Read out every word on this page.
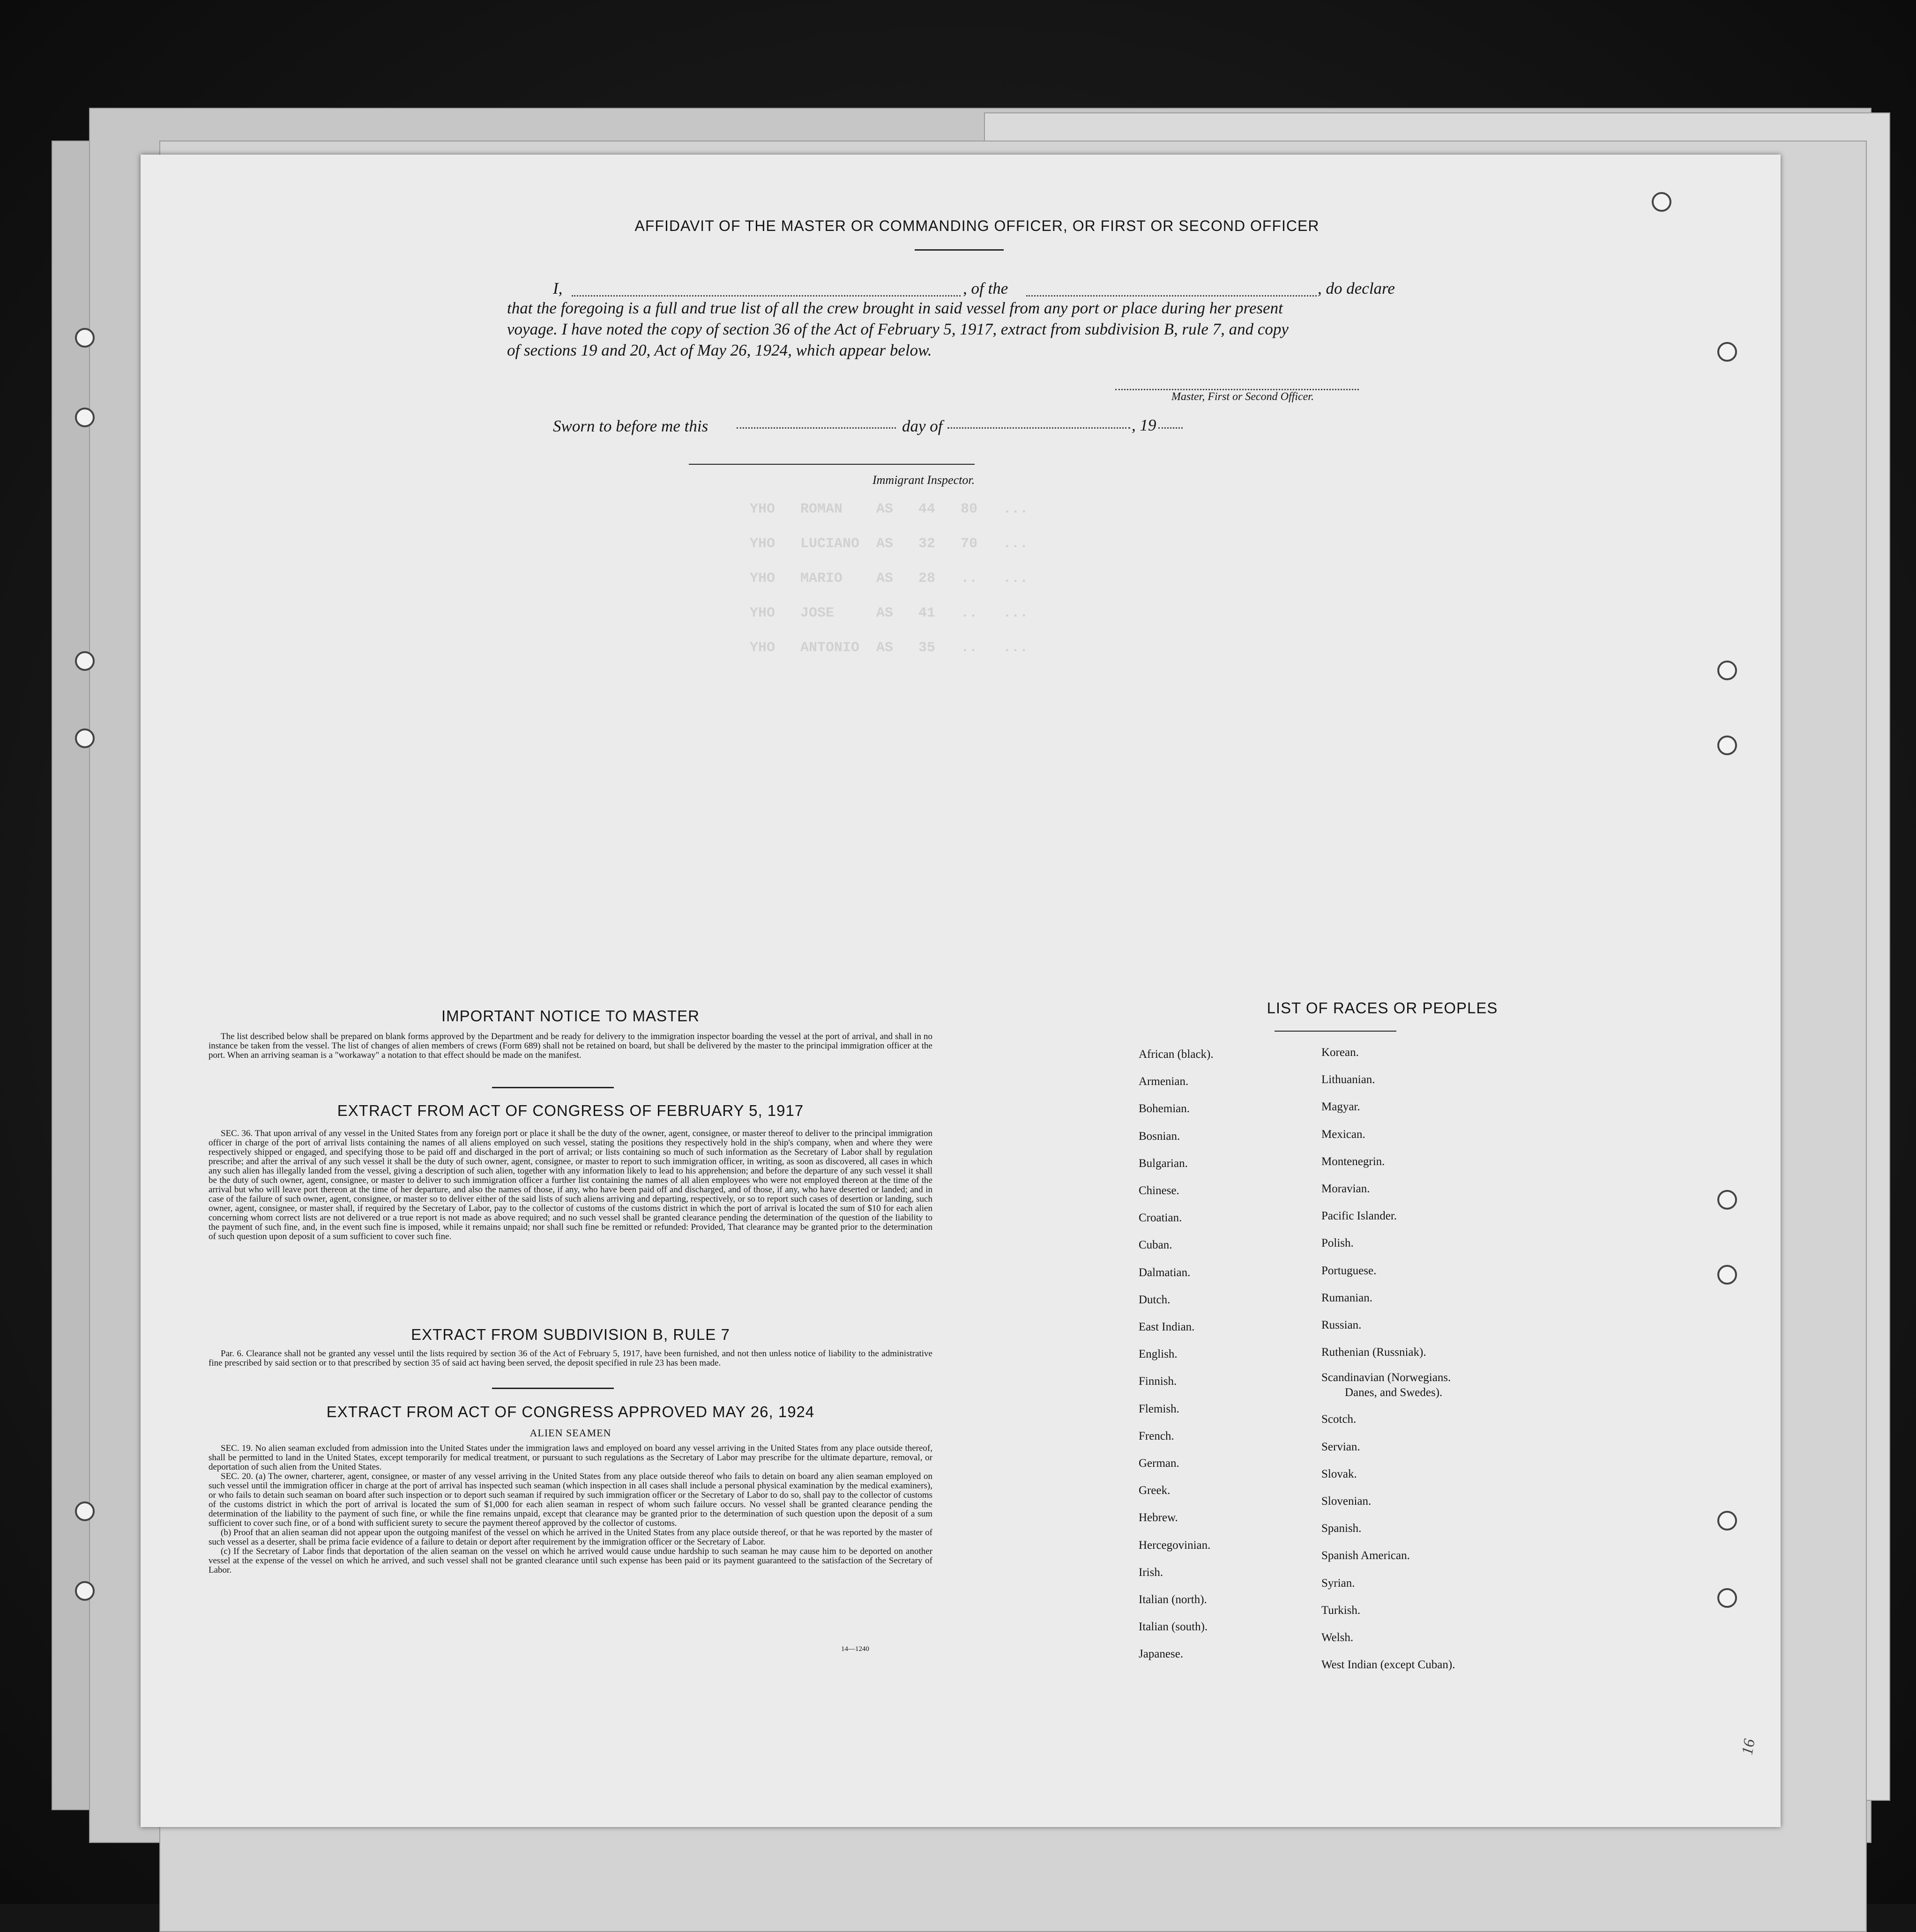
YHO   ROMAN    AS   44   80   ...
YHO   LUCIANO  AS   32   70   ...
YHO   MARIO    AS   28   ..   ...
YHO   JOSE     AS   41   ..   ...
YHO   ANTONIO  AS   35   ..   ...
16
AFFIDAVIT OF THE MASTER OR COMMANDING OFFICER, OR FIRST OR SECOND OFFICER
I,	, of the	, do declare
that the foregoing is a full and true list of all the crew brought in said vessel from any port or place during her present
voyage. I have noted the copy of section 36 of the Act of February 5, 1917, extract from subdivision B, rule 7, and copy
of sections 19 and 20, Act of May 26, 1924, which appear below.
Master, First or Second Officer.
Sworn to before me this	day of	, 19
Immigrant Inspector.
IMPORTANT NOTICE TO MASTER

The list described below shall be prepared on blank forms approved by the Department and be ready for delivery to the immigration inspector boarding the vessel at the port of arrival, and shall in no instance be taken from the vessel. The list of changes of alien members of crews (Form 689) shall not be retained on board, but shall be delivered by the master to the principal immigration officer at the port. When an arriving seaman is a "workaway" a notation to that effect should be made on the manifest.

EXTRACT FROM ACT OF CONGRESS OF FEBRUARY 5, 1917

SEC. 36. That upon arrival of any vessel in the United States from any foreign port or place it shall be the duty of the owner, agent, consignee, or master thereof to deliver to the principal immigration officer in charge of the port of arrival lists containing the names of all aliens employed on such vessel, stating the positions they respectively hold in the ship's company, when and where they were respectively shipped or engaged, and specifying those to be paid off and discharged in the port of arrival; or lists containing so much of such information as the Secretary of Labor shall by regulation prescribe; and after the arrival of any such vessel it shall be the duty of such owner, agent, consignee, or master to report to such immigration officer, in writing, as soon as discovered, all cases in which any such alien has illegally landed from the vessel, giving a description of such alien, together with any information likely to lead to his apprehension; and before the departure of any such vessel it shall be the duty of such owner, agent, consignee, or master to deliver to such immigration officer a further list containing the names of all alien employees who were not employed thereon at the time of the arrival but who will leave port thereon at the time of her departure, and also the names of those, if any, who have been paid off and discharged, and of those, if any, who have deserted or landed; and in case of the failure of such owner, agent, consignee, or master so to deliver either of the said lists of such aliens arriving and departing, respectively, or so to report such cases of desertion or landing, such owner, agent, consignee, or master shall, if required by the Secretary of Labor, pay to the collector of customs of the customs district in which the port of arrival is located the sum of $10 for each alien concerning whom correct lists are not delivered or a true report is not made as above required; and no such vessel shall be granted clearance pending the determination of the question of the liability to the payment of such fine, and, in the event such fine is imposed, while it remains unpaid; nor shall such fine be remitted or refunded: Provided, That clearance may be granted prior to the determination of such question upon deposit of a sum sufficient to cover such fine.

EXTRACT FROM SUBDIVISION B, RULE 7

Par. 6. Clearance shall not be granted any vessel until the lists required by section 36 of the Act of February 5, 1917, have been furnished, and not then unless notice of liability to the administrative fine prescribed by said section or to that prescribed by section 35 of said act having been served, the deposit specified in rule 23 has been made.

EXTRACT FROM ACT OF CONGRESS APPROVED MAY 26, 1924
ALIEN SEAMEN

SEC. 19. No alien seaman excluded from admission into the United States under the immigration laws and employed on board any vessel arriving in the United States from any place outside thereof, shall be permitted to land in the United States, except temporarily for medical treatment, or pursuant to such regulations as the Secretary of Labor may prescribe for the ultimate departure, removal, or deportation of such alien from the United States.

SEC. 20. (a) The owner, charterer, agent, consignee, or master of any vessel arriving in the United States from any place outside thereof who fails to detain on board any alien seaman employed on such vessel until the immigration officer in charge at the port of arrival has inspected such seaman (which inspection in all cases shall include a personal physical examination by the medical examiners), or who fails to detain such seaman on board after such inspection or to deport such seaman if required by such immigration officer or the Secretary of Labor to do so, shall pay to the collector of customs of the customs district in which the port of arrival is located the sum of $1,000 for each alien seaman in respect of whom such failure occurs. No vessel shall be granted clearance pending the determination of the liability to the payment of such fine, or while the fine remains unpaid, except that clearance may be granted prior to the determination of such question upon the deposit of a sum sufficient to cover such fine, or of a bond with sufficient surety to secure the payment thereof approved by the collector of customs.

(b) Proof that an alien seaman did not appear upon the outgoing manifest of the vessel on which he arrived in the United States from any place outside thereof, or that he was reported by the master of such vessel as a deserter, shall be prima facie evidence of a failure to detain or deport after requirement by the immigration officer or the Secretary of Labor.

(c) If the Secretary of Labor finds that deportation of the alien seaman on the vessel on which he arrived would cause undue hardship to such seaman he may cause him to be deported on another vessel at the expense of the vessel on which he arrived, and such vessel shall not be granted clearance until such expense has been paid or its payment guaranteed to the satisfaction of the Secretary of Labor.

14—1240
LIST OF RACES OR PEOPLES
African (black).
Armenian.
Bohemian.
Bosnian.
Bulgarian.
Chinese.
Croatian.
Cuban.
Dalmatian.
Dutch.
East Indian.
English.
Finnish.
Flemish.
French.
German.
Greek.
Hebrew.
Hercegovinian.
Irish.
Italian (north).
Italian (south).
Japanese.
Korean.
Lithuanian.
Magyar.
Mexican.
Montenegrin.
Moravian.
Pacific Islander.
Polish.
Portuguese.
Rumanian.
Russian.
Ruthenian (Russniak).
Scandinavian (Norwegians.
Danes, and Swedes).
Scotch.
Servian.
Slovak.
Slovenian.
Spanish.
Spanish American.
Syrian.
Turkish.
Welsh.
West Indian (except Cuban).
